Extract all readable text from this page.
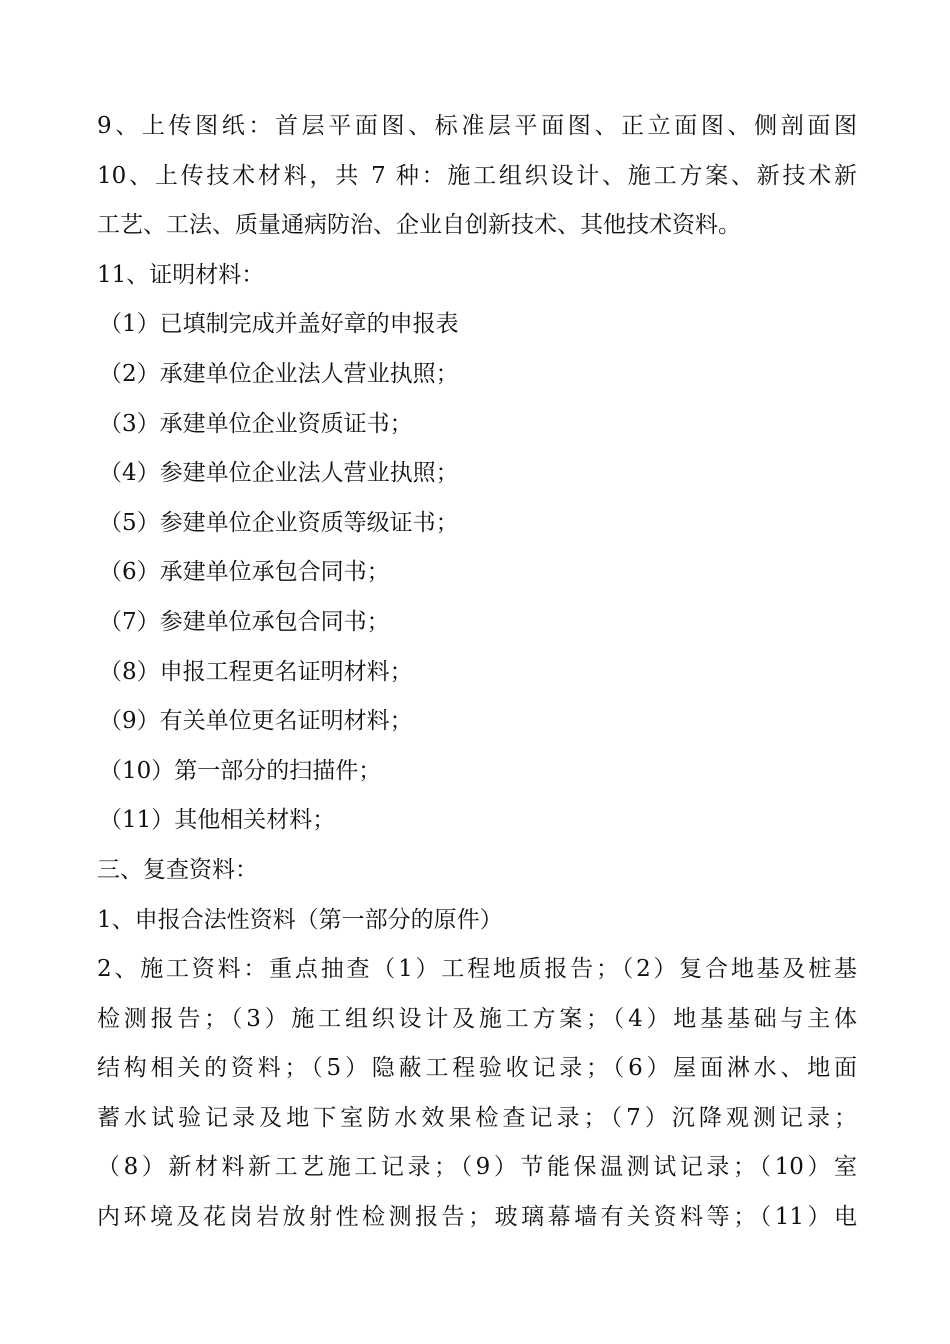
9、上传图纸：首层平面图、标准层平面图、正立面图、侧剖面图
10、上传技术材料，共 7 种：施工组织设计、施工方案、新技术新
工艺、工法、质量通病防治、企业自创新技术、其他技术资料。
11、证明材料：
（1）已填制完成并盖好章的申报表
（2）承建单位企业法人营业执照；
（3）承建单位企业资质证书；
（4）参建单位企业法人营业执照；
（5）参建单位企业资质等级证书；
（6）承建单位承包合同书；
（7）参建单位承包合同书；
（8）申报工程更名证明材料；
（9）有关单位更名证明材料；
（10）第一部分的扫描件；
（11）其他相关材料；
三、复查资料：
1、申报合法性资料（第一部分的原件）
2、施工资料：重点抽查（1）工程地质报告；（2）复合地基及桩基
检测报告；（3）施工组织设计及施工方案；（4）地基基础与主体
结构相关的资料；（5）隐蔽工程验收记录；（6）屋面淋水、地面
蓄水试验记录及地下室防水效果检查记录；（7）沉降观测记录；
（8）新材料新工艺施工记录；（9）节能保温测试记录；（10）室
内环境及花岗岩放射性检测报告；玻璃幕墙有关资料等；（11）电
